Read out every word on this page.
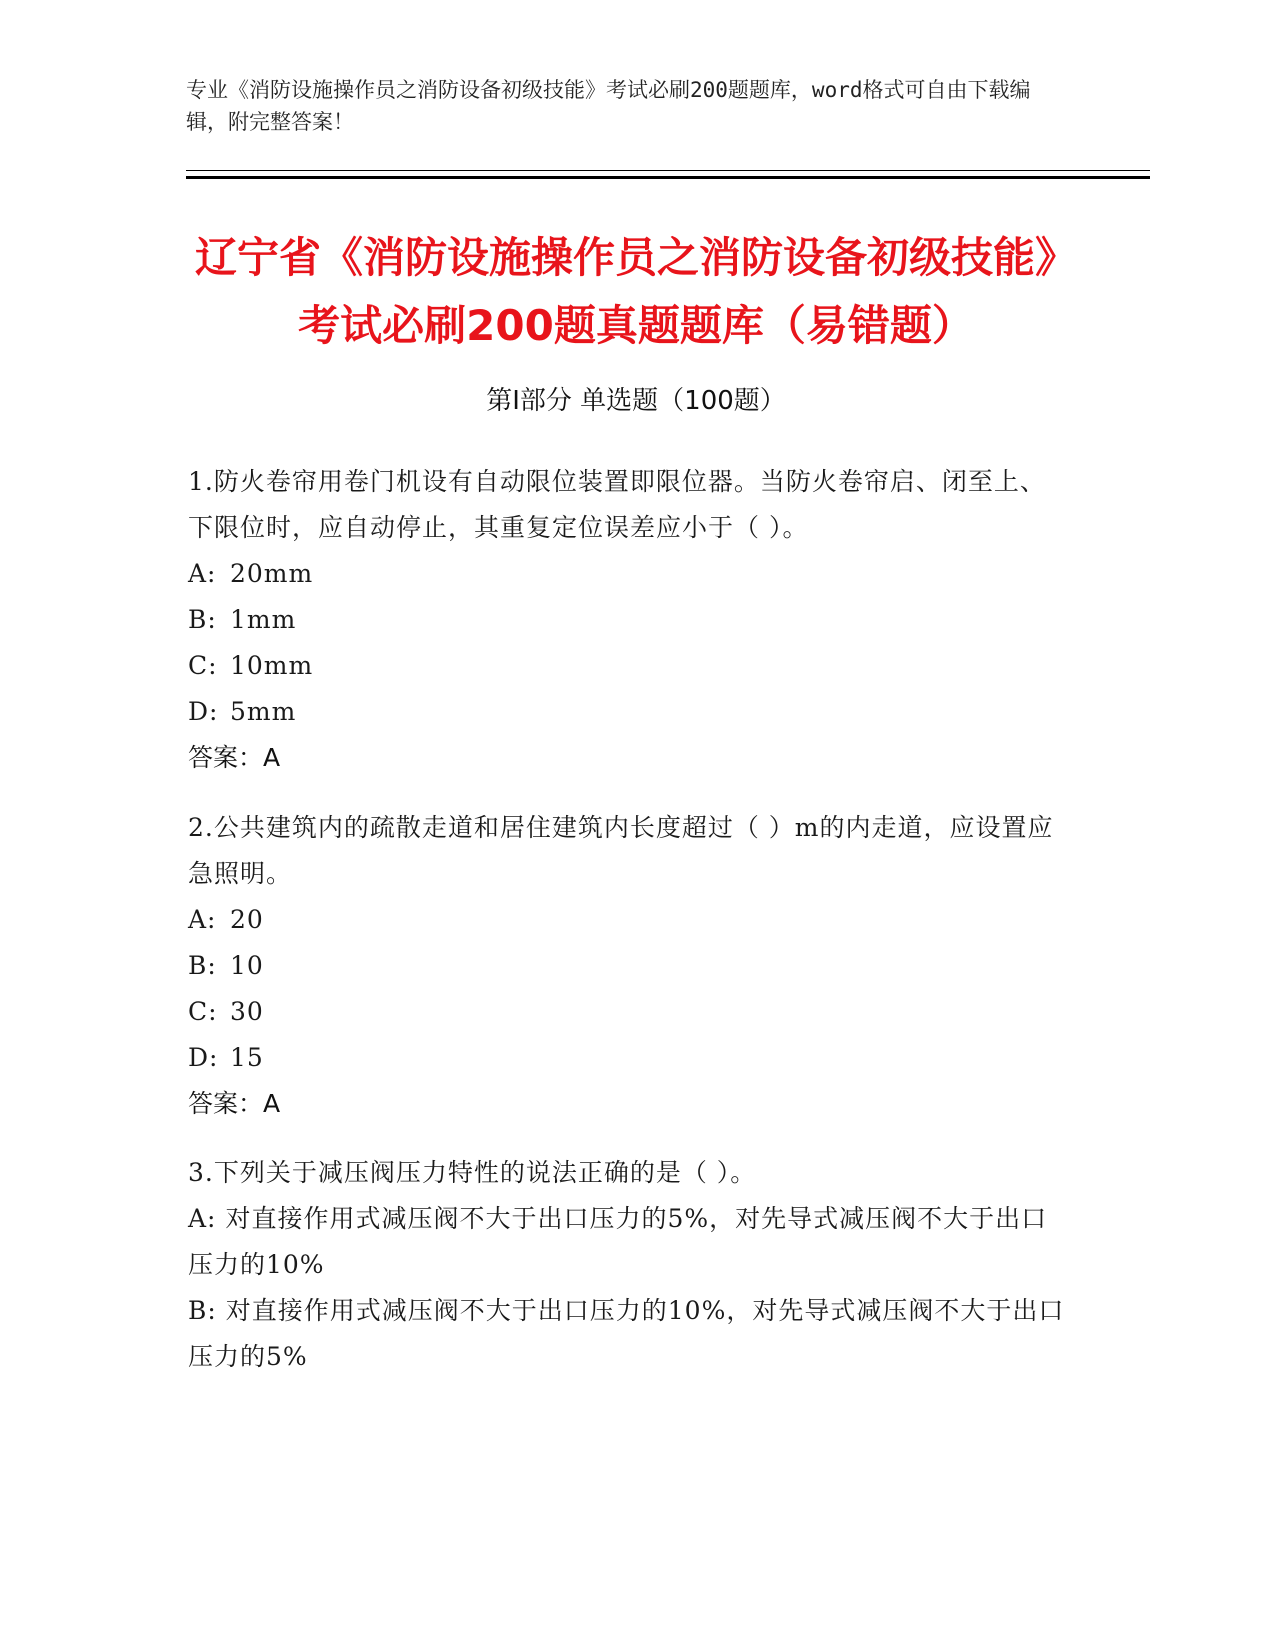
专业《消防设施操作员之消防设备初级技能》考试必刷200题题库，word格式可自由下载编辑，附完整答案！
辽宁省《消防设施操作员之消防设备初级技能》考试必刷200题真题题库（易错题）
第I部分 单选题（100题）
1.防火卷帘用卷门机设有自动限位装置即限位器。当防火卷帘启、闭至上、下限位时，应自动停止，其重复定位误差应小于（ ）。
A: 20mm
B: 1mm
C: 10mm
D: 5mm
答案：A
2.公共建筑内的疏散走道和居住建筑内长度超过（ ）m的内走道，应设置应急照明。
A: 20
B: 10
C: 30
D: 15
答案：A
3.下列关于减压阀压力特性的说法正确的是（ ）。
A: 对直接作用式减压阀不大于出口压力的5%，对先导式减压阀不大于出口压力的10%
B: 对直接作用式减压阀不大于出口压力的10%，对先导式减压阀不大于出口压力的5%
